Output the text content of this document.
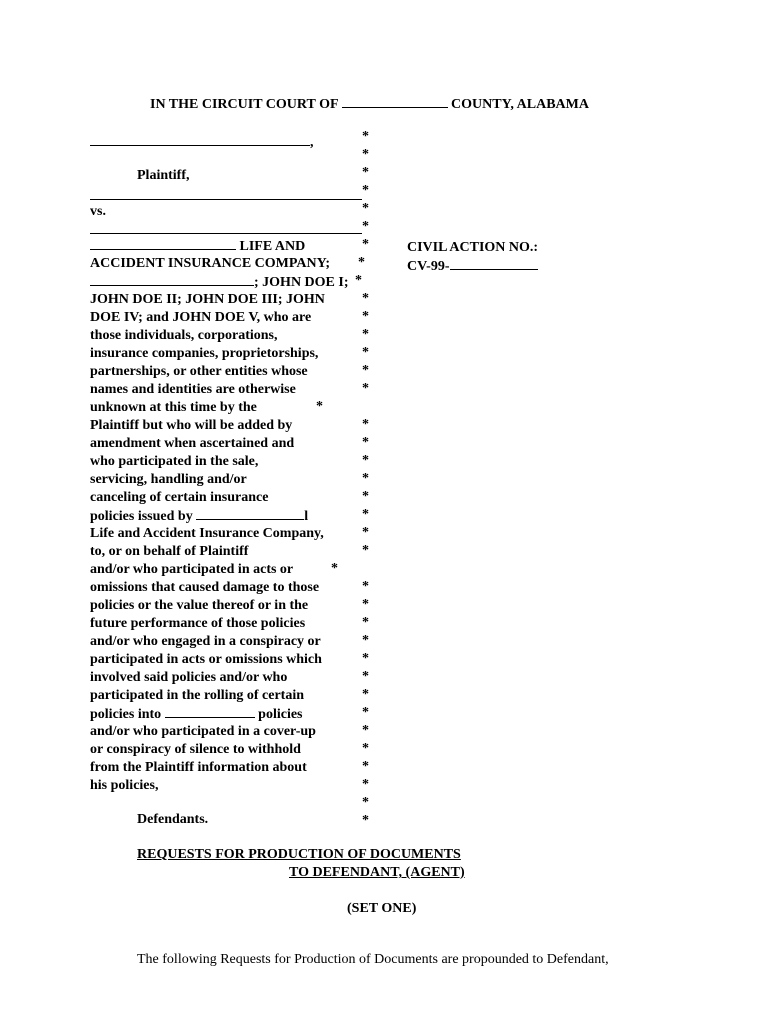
IN THE CIRCUIT COURT OF	COUNTY, ALABAMA
,
Plaintiff,
vs.
LIFE AND
ACCIDENT INSURANCE COMPANY;
; JOHN DOE I;
JOHN DOE II; JOHN DOE III; JOHN
DOE IV; and JOHN DOE V, who are
those individuals, corporations,
insurance companies, proprietorships,
partnerships, or other entities whose
names and identities are otherwise
unknown at this time by the
Plaintiff but who will be added by
amendment when ascertained and
who participated in the sale,
servicing, handling and/or
canceling of certain insurance
policies issued by	l
Life and Accident Insurance Company,
to, or on behalf of Plaintiff
and/or who participated in acts or
omissions that caused damage to those
policies or the value thereof or in the
future performance of those policies
and/or who engaged in a conspiracy or
participated in acts or omissions which
involved said policies and/or who
participated in the rolling of certain
policies into	policies
and/or who participated in a cover-up
or conspiracy of silence to withhold
from the Plaintiff information about
his policies,
Defendants.
*
*
*
*
*
*
*
*
*
*
*
*
*
*
*
*
*
*
*
*
*
*
*
*
*
*
*
*
*
*
*
*
*
*
*
*
*
*
*
CIVIL ACTION NO.:
CV-99-
REQUESTS FOR PRODUCTION OF DOCUMENTS
TO DEFENDANT, (AGENT)
(SET ONE)
The following Requests for Production of Documents are propounded to Defendant,
